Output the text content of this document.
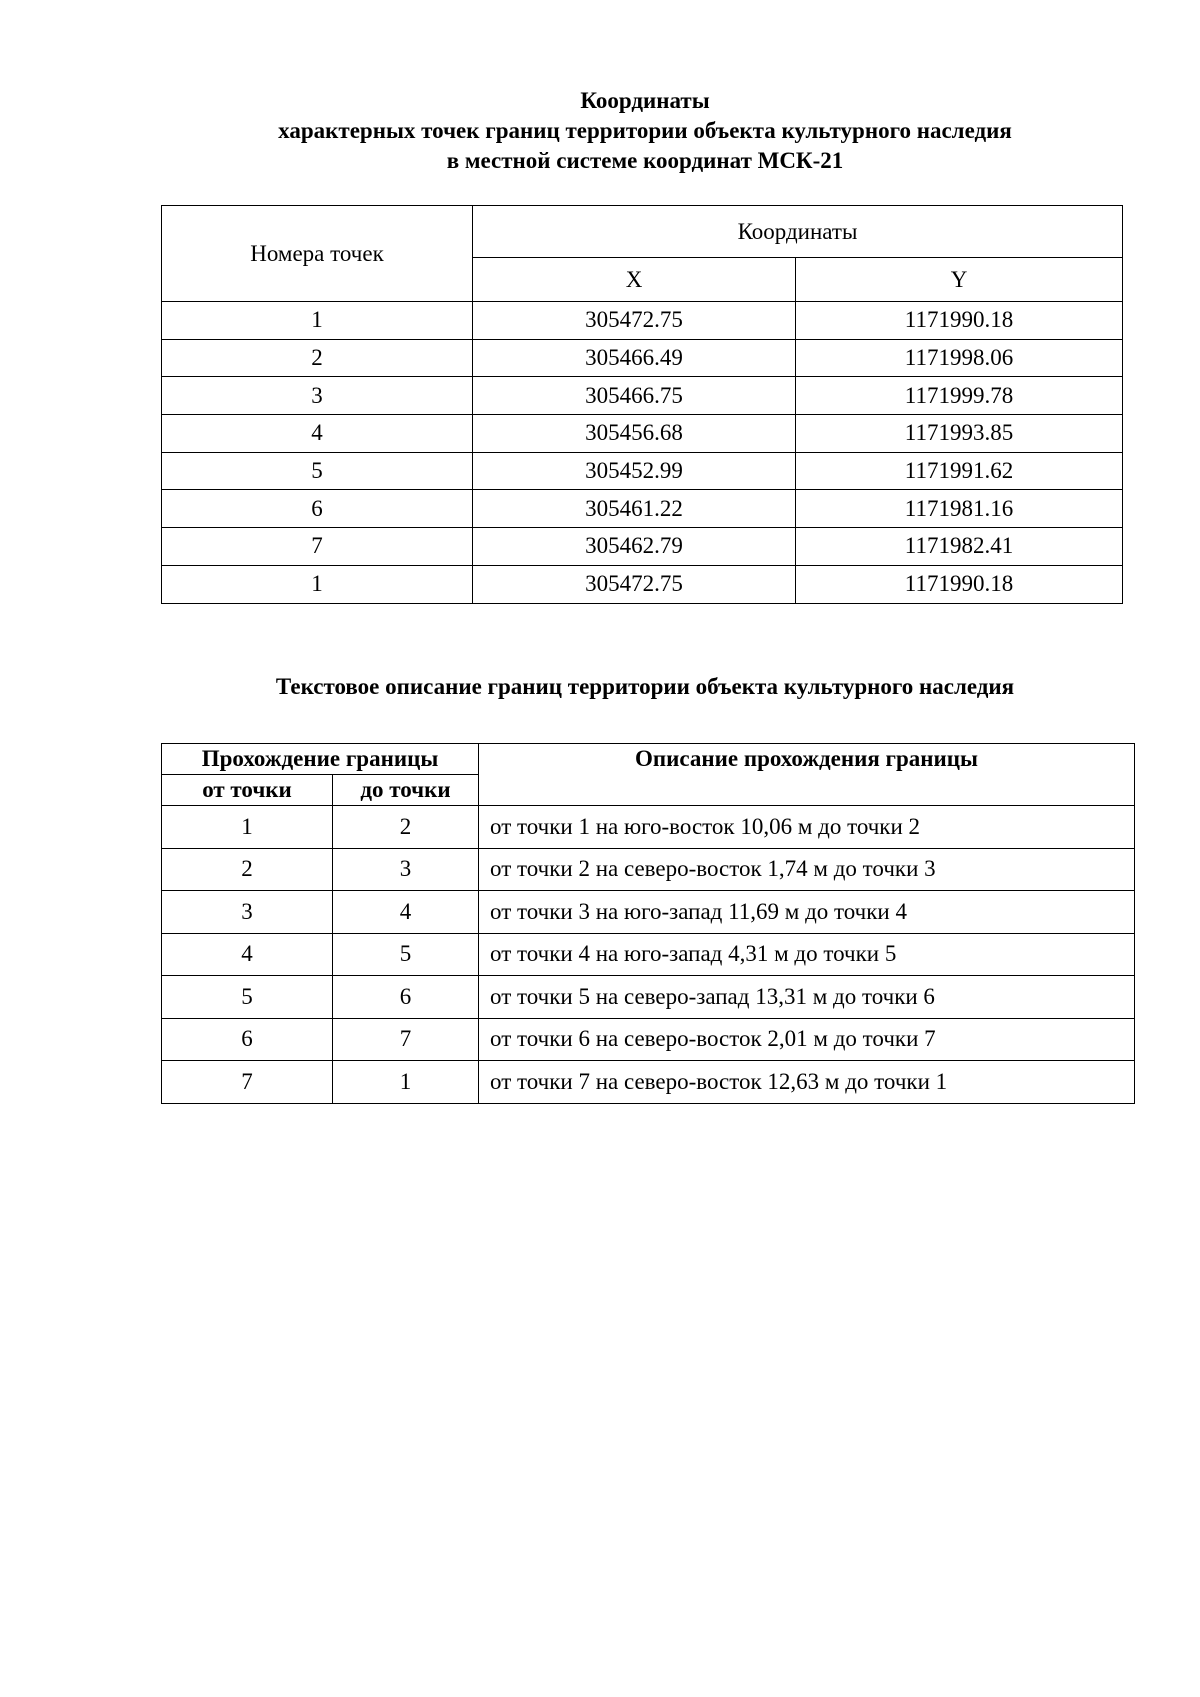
Координаты
характерных точек границ территории объекта культурного наследия
в местной системе координат МСК-21
Номера точек	Координаты	
	X	Y
1	305472.75	1171990.18
2	305466.49	1171998.06
3	305466.75	1171999.78
4	305456.68	1171993.85
5	305452.99	1171991.62
6	305461.22	1171981.16
7	305462.79	1171982.41
1	305472.75	1171990.18
Текстовое описание границ территории объекта культурного наследия
Прохождение границы		Описание прохождения границы
от точки	до точки	
1	2	от точки 1 на юго-восток 10,06 м до точки 2
2	3	от точки 2 на северо-восток 1,74 м до точки 3
3	4	от точки 3 на юго-запад 11,69 м до точки 4
4	5	от точки 4 на юго-запад 4,31 м до точки 5
5	6	от точки 5 на северо-запад 13,31 м до точки 6
6	7	от точки 6 на северо-восток 2,01 м до точки 7
7	1	от точки 7 на северо-восток 12,63 м до точки 1
